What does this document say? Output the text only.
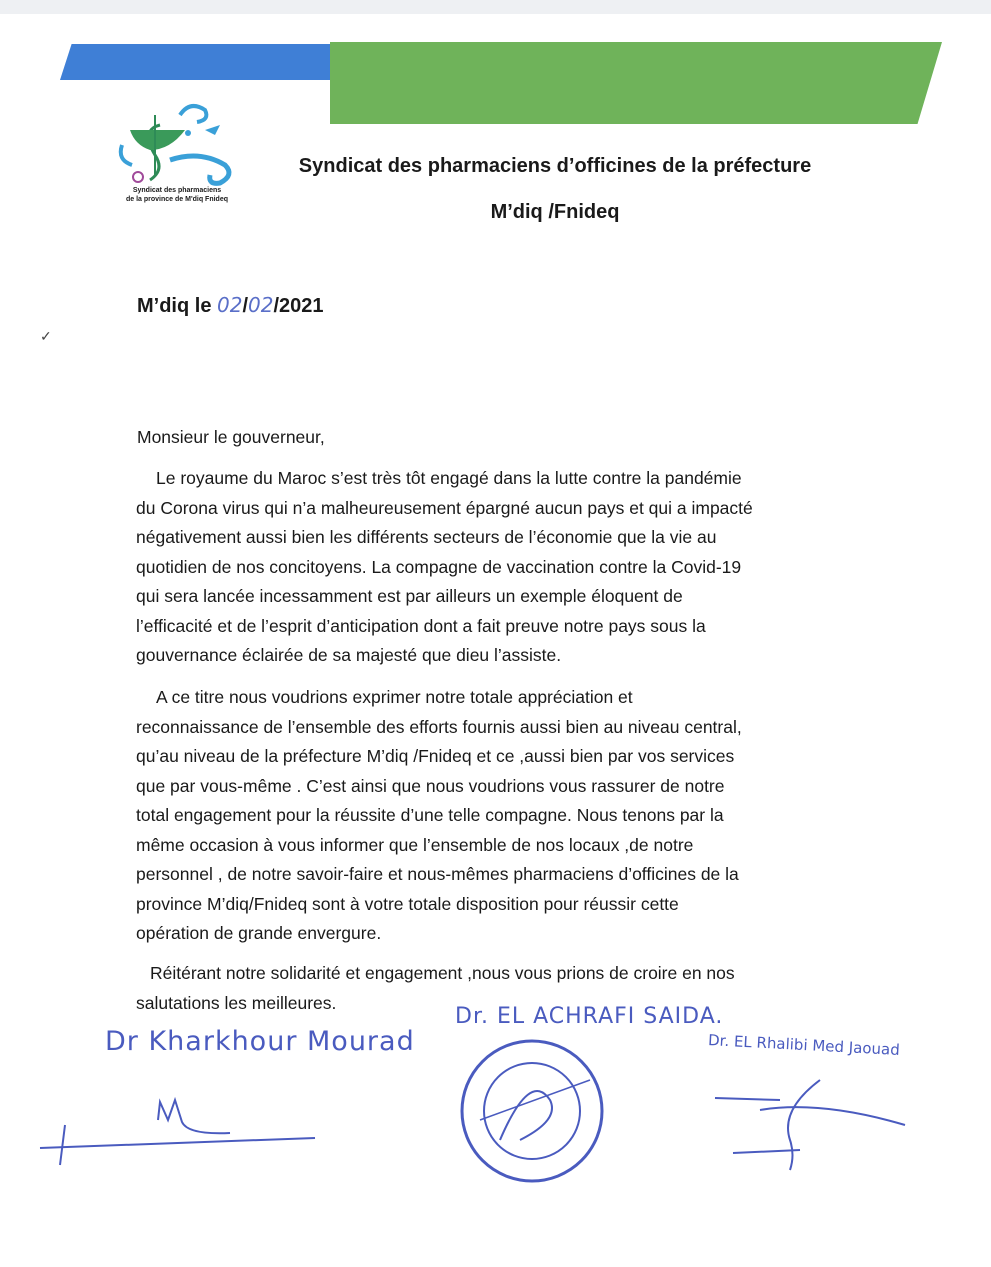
Syndicat des pharmaciens
de la province de M'diq Fnideq
Syndicat des pharmaciens d’officines de la préfecture
M’diq /Fnideq
M’diq le 02/02/2021
✓
Monsieur le gouverneur,
Le royaume du Maroc s’est très tôt engagé dans la lutte contre la pandémie
du Corona virus qui n’a malheureusement épargné aucun pays et qui a impacté
négativement aussi bien les différents secteurs de l’économie que la vie au
quotidien de nos concitoyens. La compagne de vaccination contre la Covid-19
qui sera lancée incessamment est par ailleurs un exemple éloquent de
l’efficacité et de l’esprit d’anticipation dont a fait preuve notre pays sous la
gouvernance éclairée de sa majesté que dieu l’assiste.
A ce titre nous voudrions exprimer notre totale appréciation et
reconnaissance de l’ensemble des efforts fournis aussi bien au niveau central,
qu’au niveau de la préfecture M’diq /Fnideq et ce ,aussi bien par vos services
que par vous-même . C’est ainsi que nous voudrions vous rassurer de notre
total engagement pour la réussite d’une telle compagne. Nous tenons par la
même occasion à vous informer que l’ensemble de nos locaux ,de notre
personnel , de notre savoir-faire et nous-mêmes pharmaciens d’officines de la
province M’diq/Fnideq sont à votre totale disposition pour réussir cette
opération de grande envergure.
Réitérant notre solidarité et engagement ,nous vous prions de croire en nos
salutations les meilleures.
Dr Kharkhour Mourad
Dr. EL ACHRAFI SAIDA.
Dr. EL Rhalibi Med Jaouad
